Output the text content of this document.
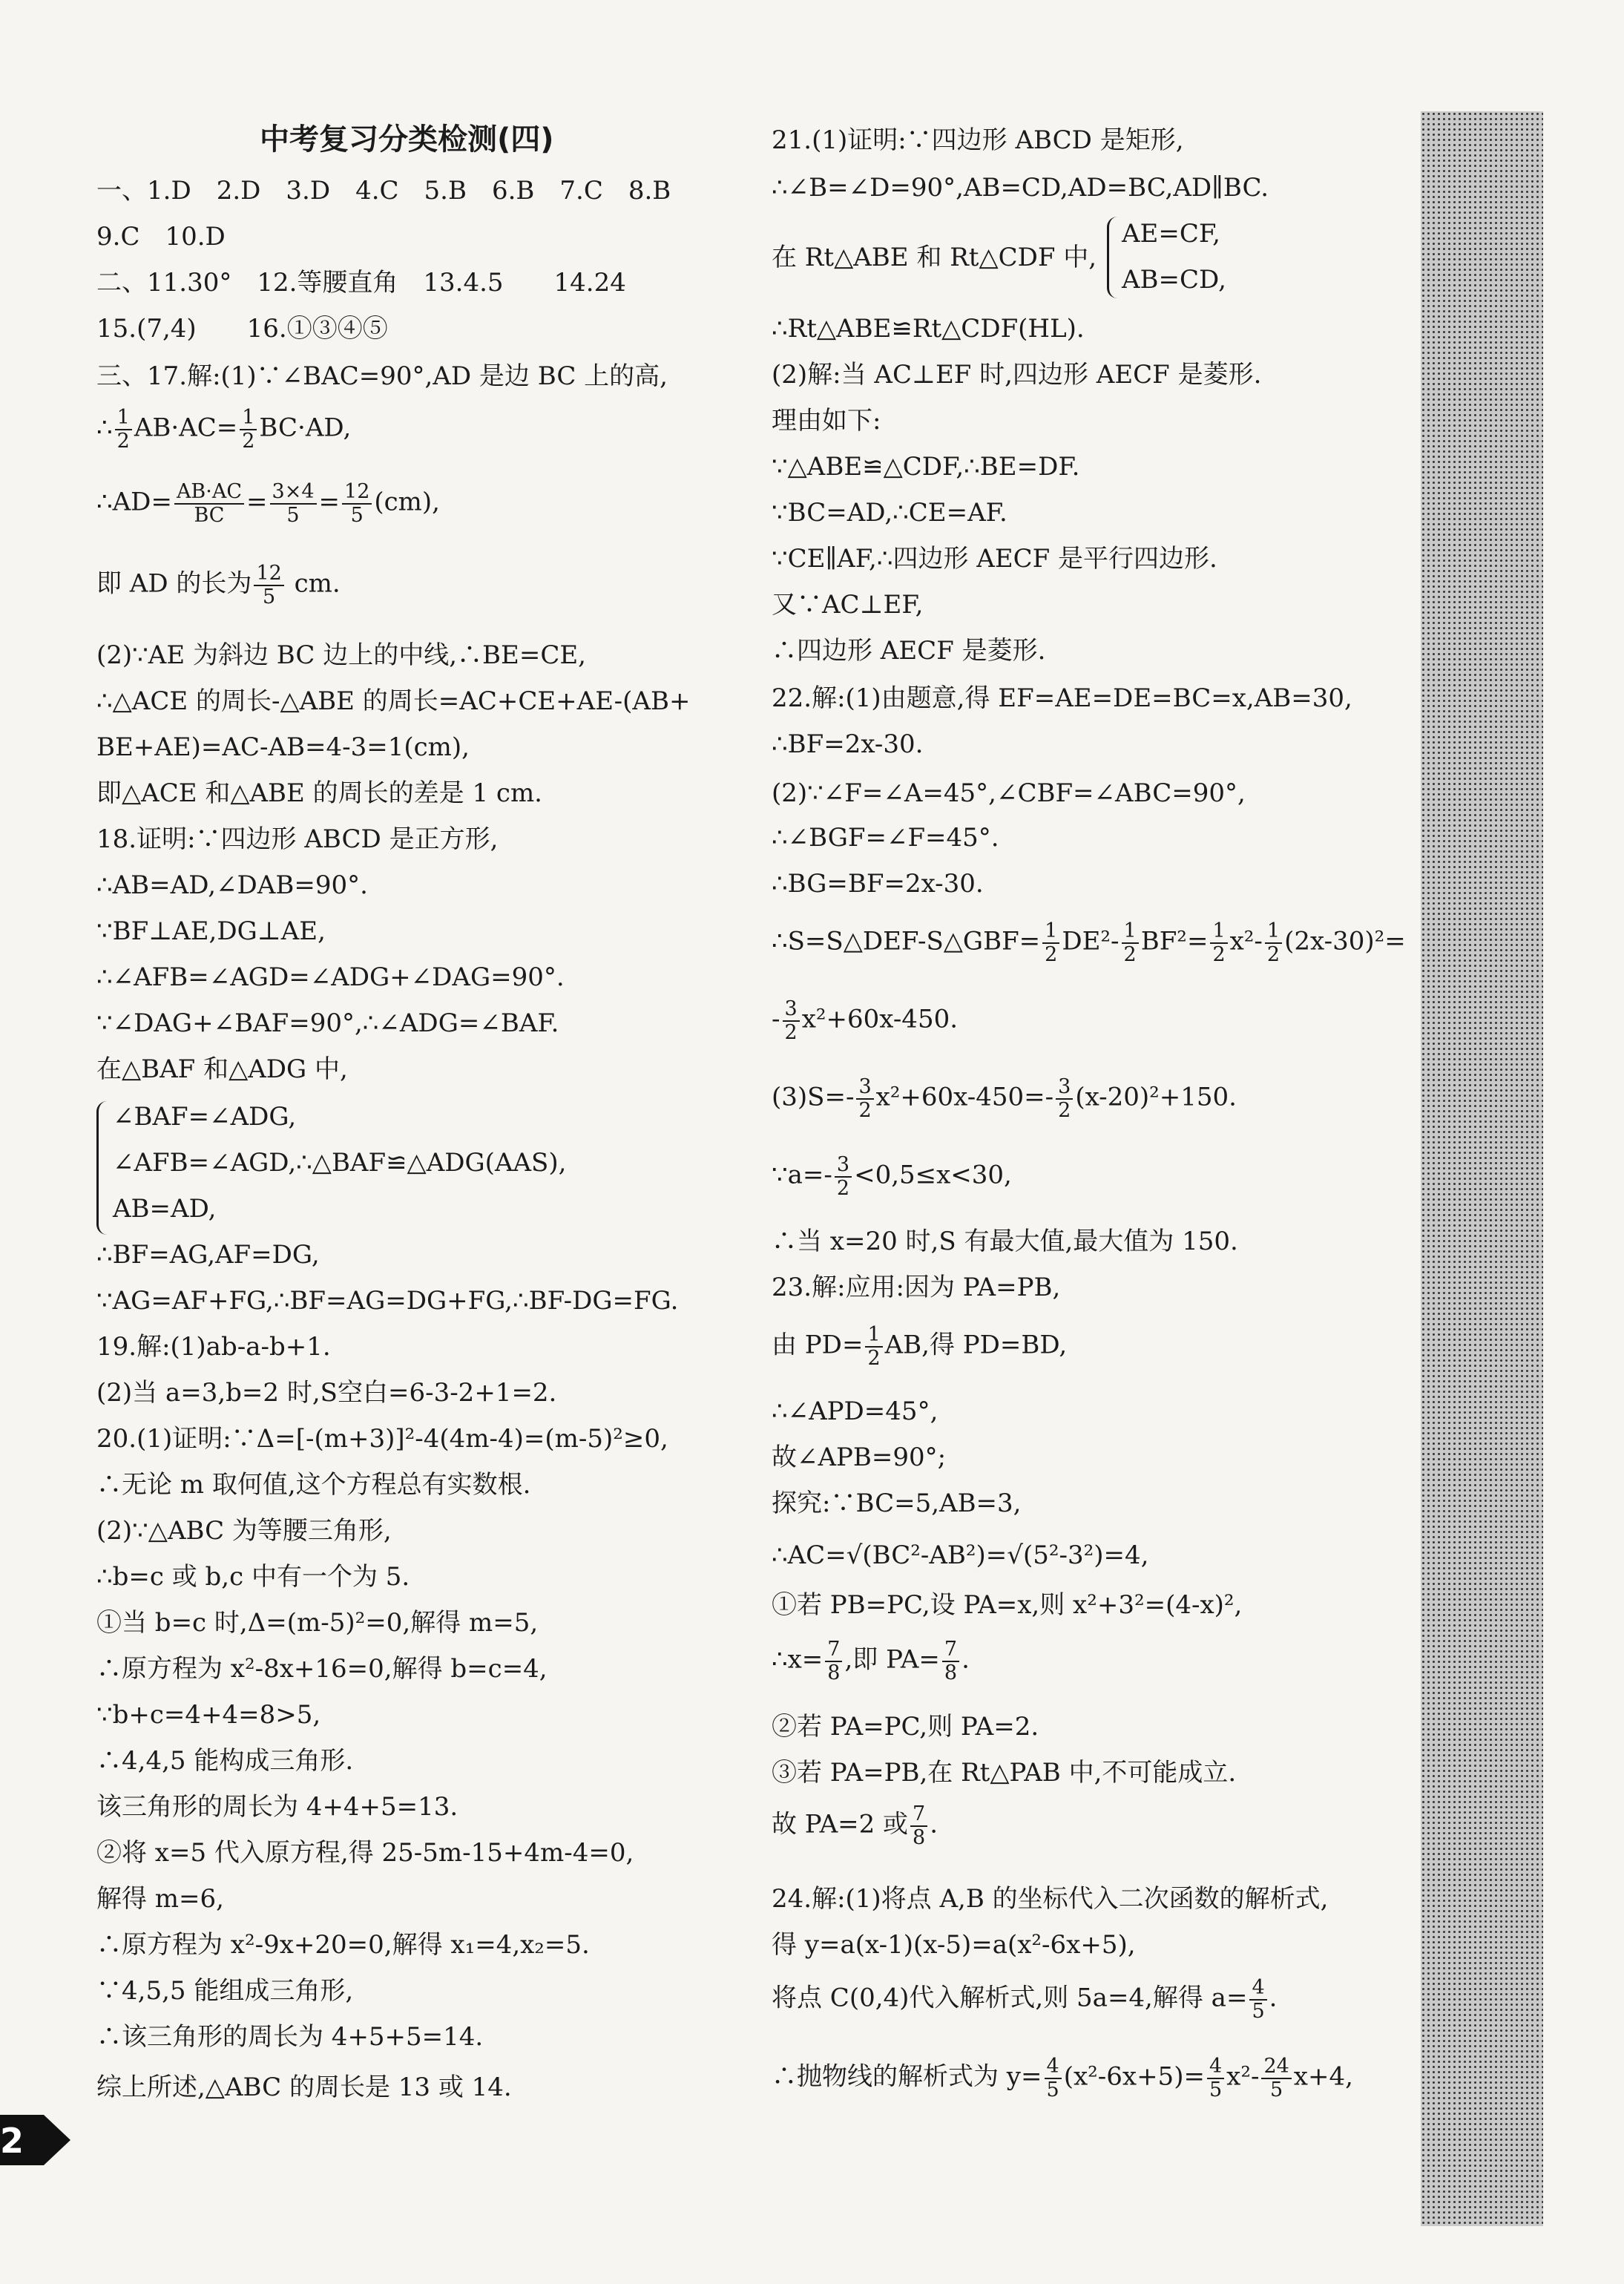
中考复习分类检测(四)
一、1.D　2.D　3.D　4.C　5.B　6.B　7.C　8.B
9.C　10.D
二、11.30°　12.等腰直角　13.4.5　　14.24
15.(7,4)　　16.①③④⑤
三、17.解:(1)∵∠BAC=90°,AD 是边 BC 上的高,
∴ $\frac{1}{2} AB\cdot AC= \frac{1}{2} BC\cdot AD$,
∴AD= $\frac{AB\cdot AC}{BC} = \frac{3\times 4}{5} = \frac{12}{5} (cm)$,
即 AD 的长为 $\frac{12}{5}$ cm.
(2)∵AE 为斜边 BC 边上的中线,∴BE=CE,
∴△ACE 的周长-△ABE 的周长=AC+CE+AE-(AB+
BE+AE)=AC-AB=4-3=1(cm),
即△ACE 和△ABE 的周长的差是 1 cm.
18.证明:∵四边形 ABCD 是正方形,
∴AB=AD,∠DAB=90°.
∵BF⊥AE,DG⊥AE,
∴∠AFB=∠AGD=∠ADG+∠DAG=90°.
∵∠DAG+∠BAF=90°,∴∠ADG=∠BAF.
在△BAF 和△ADG 中,
∠BAF=∠ADG,
∠AFB=∠AGD,∴△BAF≌△ADG(AAS),
AB=AD,
∴BF=AG,AF=DG,
∵AG=AF+FG,∴BF=AG=DG+FG,∴BF-DG=FG.
19.解:(1)ab-a-b+1.
(2)当 a=3,b=2 时,S空白=6-3-2+1=2.
20.(1)证明:∵Δ=[-(m+3)]²-4(4m-4)=(m-5)²≥0,
∴无论 m 取何值,这个方程总有实数根.
(2)∵△ABC 为等腰三角形,
∴b=c 或 b,c 中有一个为 5.
①当 b=c 时,Δ=(m-5)²=0,解得 m=5,
∴原方程为 x²-8x+16=0,解得 b=c=4,
∵b+c=4+4=8>5,
∴4,4,5 能构成三角形.
该三角形的周长为 4+4+5=13.
②将 x=5 代入原方程,得 25-5m-15+4m-4=0,
解得 m=6,
∴原方程为 x²-9x+20=0,解得 x₁=4,x₂=5.
∵4,5,5 能组成三角形,
∴该三角形的周长为 4+5+5=14.
综上所述,△ABC 的周长是 13 或 14.
21.(1)证明:∵四边形 ABCD 是矩形,
∴∠B=∠D=90°,AB=CD,AD=BC,AD∥BC.
在 Rt△ABE 和 Rt△CDF 中,
AE=CF,
AB=CD,
∴Rt△ABE≌Rt△CDF(HL).
(2)解:当 AC⊥EF 时,四边形 AECF 是菱形.
理由如下:
∵△ABE≌△CDF,∴BE=DF.
∵BC=AD,∴CE=AF.
∵CE∥AF,∴四边形 AECF 是平行四边形.
又∵AC⊥EF,
∴四边形 AECF 是菱形.
22.解:(1)由题意,得 EF=AE=DE=BC=x,AB=30,
∴BF=2x-30.
(2)∵∠F=∠A=45°,∠CBF=∠ABC=90°,
∴∠BGF=∠F=45°.
∴BG=BF=2x-30.
∴S=S△DEF-S△GBF= $\frac{1}{2} DE^2- \frac{1}{2} BF^2= \frac{1}{2} x^2- \frac{1}{2} (2x-30)^2=$
- $\frac{3}{2} x^2+60x-450$.
$(3)S=- \frac{3}{2} x^2+60x-450=- \frac{3}{2} (x-20)^2+150$.
∵a=- $\frac{3}{2} <0,5\le x<30$,
∴当 x=20 时,S 有最大值,最大值为 150.
23.解:应用:因为 PA=PB,
由 $PD= \frac{1}{2}$ AB,得 PD=BD,
∴∠APD=45°,
故∠APB=90°;
探究:∵BC=5,AB=3,
∴AC=√(BC²-AB²)=√(5²-3²)=4,
①若 PB=PC,设 PA=x,则 x²+3²=(4-x)²,
∴x= $\frac{7}{8}$ ,即 $PA= \frac{7}{8}$ .
②若 PA=PC,则 PA=2.
③若 PA=PB,在 Rt△PAB 中,不可能成立.
故 PA=2 或 $\frac{7}{8}$ .
24.解:(1)将点 A,B 的坐标代入二次函数的解析式,
得 y=a(x-1)(x-5)=a(x²-6x+5),
将点 C(0,4)代入解析式,则 5a=4,解得 $a= \frac{4}{5}$ .
∴抛物线的解析式为 $y= \frac{4}{5} (x^2-6x+5)= \frac{4}{5} x^2- \frac{24}{5} x+4$,
2
